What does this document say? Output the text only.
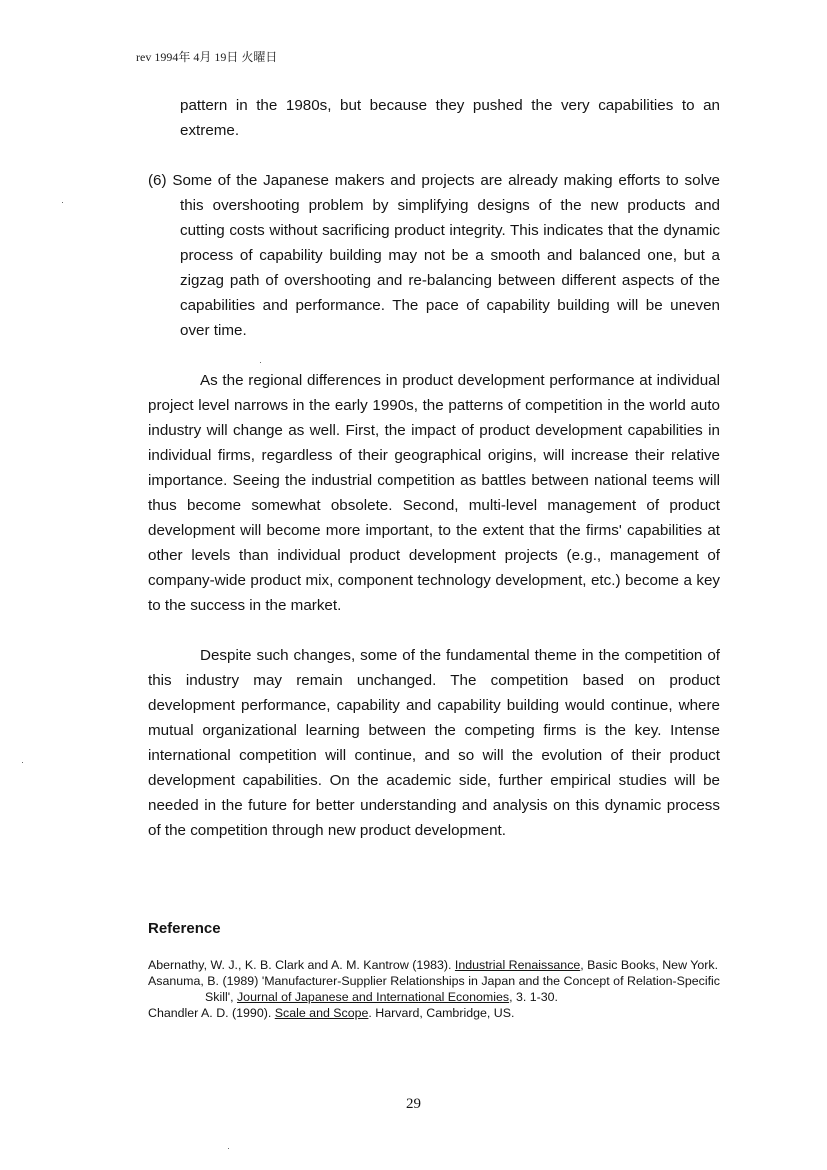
rev 1994年 4月 19日 火曜日

pattern in the 1980s, but because they pushed the very capabilities to an extreme.

(6) Some of the Japanese makers and projects are already making efforts to solve this overshooting problem by simplifying designs of the new products and cutting costs without sacrificing product integrity. This indicates that the dynamic process of capability building may not be a smooth and balanced one, but a zigzag path of overshooting and re-balancing between different aspects of the capabilities and performance. The pace of capability building will be uneven over time.

As the regional differences in product development performance at individual project level narrows in the early 1990s, the patterns of competition in the world auto industry will change as well. First, the impact of product development capabilities in individual firms, regardless of their geographical origins, will increase their relative importance. Seeing the industrial competition as battles between national teems will thus become somewhat obsolete. Second, multi-level management of product development will become more important, to the extent that the firms' capabilities at other levels than individual product development projects (e.g., management of company-wide product mix, component technology development, etc.) become a key to the success in the market.

Despite such changes, some of the fundamental theme in the competition of this industry may remain unchanged. The competition based on product development performance, capability and capability building would continue, where mutual organizational learning between the competing firms is the key. Intense international competition will continue, and so will the evolution of their product development capabilities. On the academic side, further empirical studies will be needed in the future for better understanding and analysis on this dynamic process of the competition through new product development.

Reference

Abernathy, W. J., K. B. Clark and A. M. Kantrow (1983). Industrial Renaissance, Basic Books, New York.

Asanuma, B. (1989) 'Manufacturer-Supplier Relationships in Japan and the Concept of Relation-Specific Skill', Journal of Japanese and International Economies, 3. 1-30.

Chandler A. D. (1990). Scale and Scope. Harvard, Cambridge, US.

29
